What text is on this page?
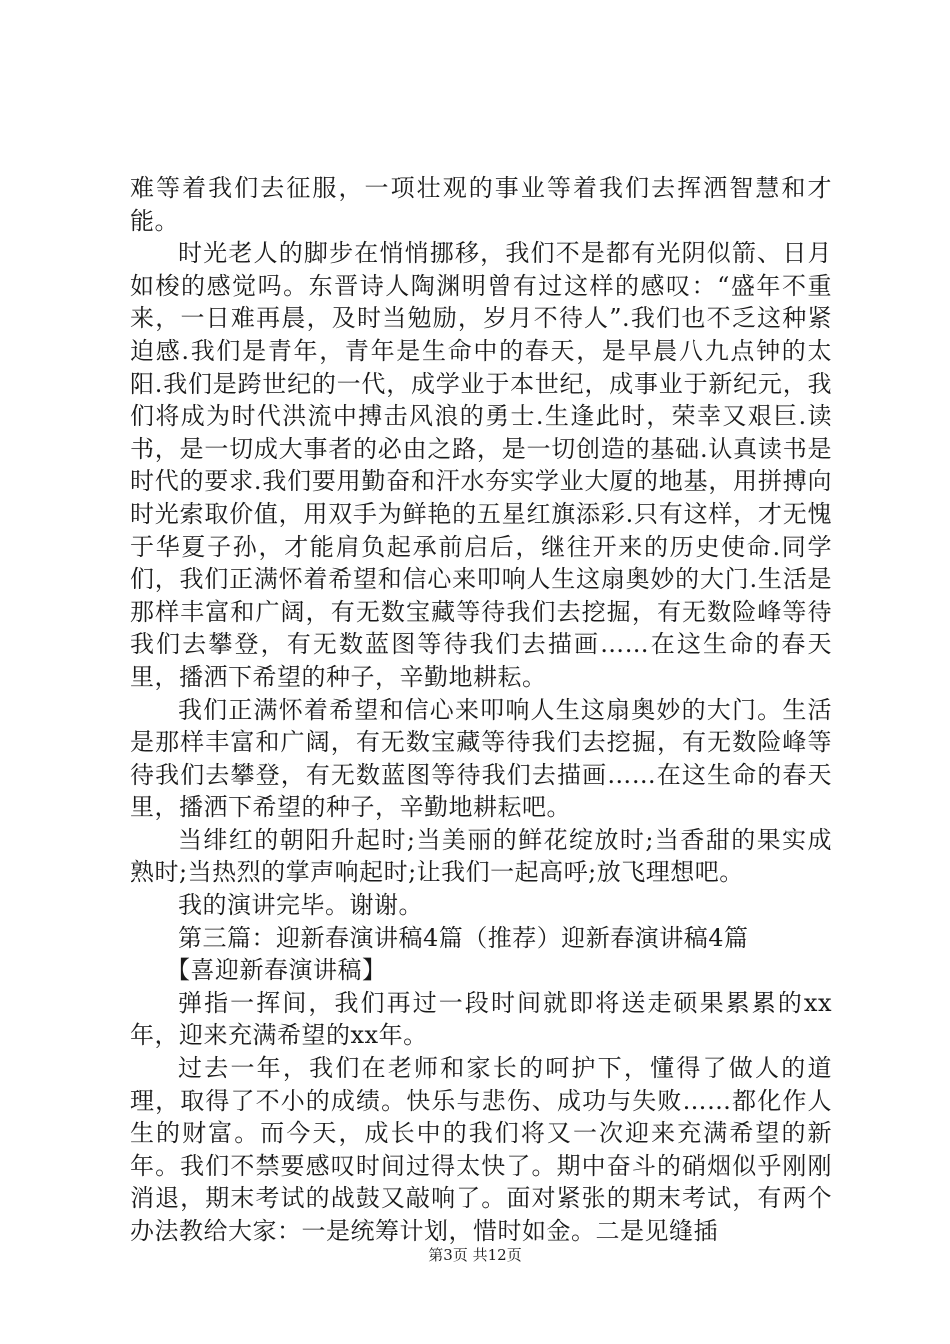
难等着我们去征服，一项壮观的事业等着我们去挥洒智慧和才能。

时光老人的脚步在悄悄挪移，我们不是都有光阴似箭、日月如梭的感觉吗。东晋诗人陶渊明曾有过这样的感叹：“盛年不重来，一日难再晨，及时当勉励，岁月不待人”.我们也不乏这种紧迫感.我们是青年，青年是生命中的春天，是早晨八九点钟的太阳.我们是跨世纪的一代，成学业于本世纪，成事业于新纪元，我们将成为时代洪流中搏击风浪的勇士.生逢此时，荣幸又艰巨.读书，是一切成大事者的必由之路，是一切创造的基础.认真读书是时代的要求.我们要用勤奋和汗水夯实学业大厦的地基，用拼搏向时光索取价值，用双手为鲜艳的五星红旗添彩.只有这样，才无愧于华夏子孙，才能肩负起承前启后，继往开来的历史使命.同学们，我们正满怀着希望和信心来叩响人生这扇奥妙的大门.生活是那样丰富和广阔，有无数宝藏等待我们去挖掘，有无数险峰等待我们去攀登，有无数蓝图等待我们去描画……在这生命的春天里，播洒下希望的种子，辛勤地耕耘。

我们正满怀着希望和信心来叩响人生这扇奥妙的大门。生活是那样丰富和广阔，有无数宝藏等待我们去挖掘，有无数险峰等待我们去攀登，有无数蓝图等待我们去描画……在这生命的春天里，播洒下希望的种子，辛勤地耕耘吧。

当绯红的朝阳升起时;当美丽的鲜花绽放时;当香甜的果实成熟时;当热烈的掌声响起时;让我们一起高呼;放飞理想吧。

我的演讲完毕。谢谢。

第三篇：迎新春演讲稿4篇（推荐）迎新春演讲稿4篇

【喜迎新春演讲稿】

弹指一挥间，我们再过一段时间就即将送走硕果累累的xx年，迎来充满希望的xx年。

过去一年，我们在老师和家长的呵护下，懂得了做人的道理，取得了不小的成绩。快乐与悲伤、成功与失败……都化作人生的财富。而今天，成长中的我们将又一次迎来充满希望的新年。我们不禁要感叹时间过得太快了。期中奋斗的硝烟似乎刚刚消退，期末考试的战鼓又敲响了。面对紧张的期末考试，有两个办法教给大家：一是统筹计划，惜时如金。二是见缝插

第3页 共12页
